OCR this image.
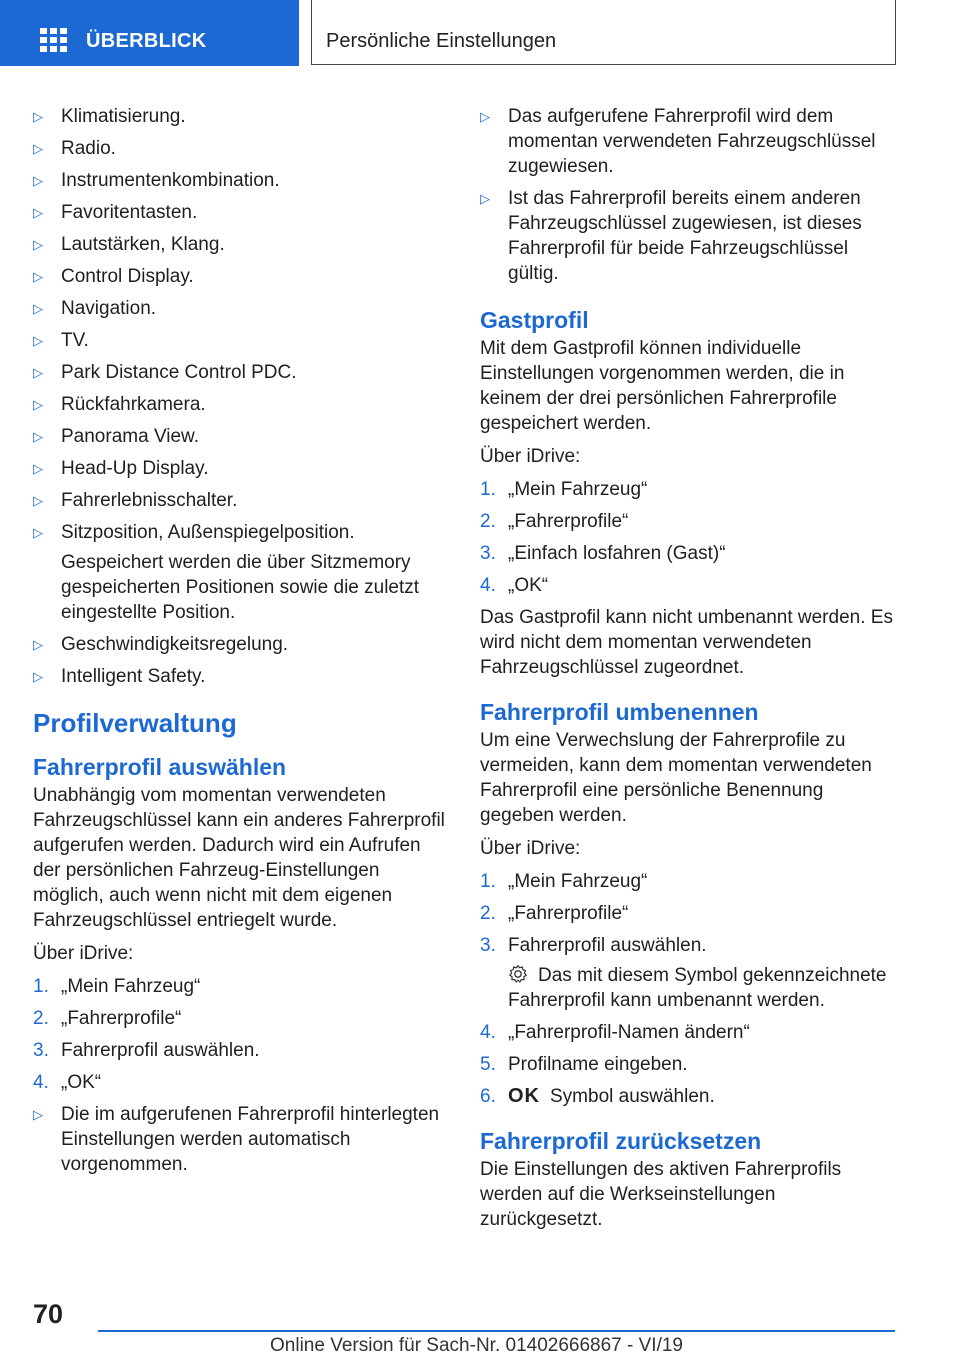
ÜBERBLICK	Persönliche Einstellungen
▷ Klimatisierung.
▷ Radio.
▷ Instrumentenkombination.
▷ Favoritentasten.
▷ Lautstärken, Klang.
▷ Control Display.
▷ Navigation.
▷ TV.
▷ Park Distance Control PDC.
▷ Rückfahrkamera.
▷ Panorama View.
▷ Head-Up Display.
▷ Fahrerlebnisschalter.
▷ Sitzposition, Außenspiegelposition.
Gespeichert werden die über Sitzmemory gespeicherten Positionen sowie die zuletzt eingestellte Position.
▷ Geschwindigkeitsregelung.
▷ Intelligent Safety.
Profilverwaltung
Fahrerprofil auswählen
Unabhängig vom momentan verwendeten Fahrzeugschlüssel kann ein anderes Fahrerprofil aufgerufen werden. Dadurch wird ein Aufrufen der persönlichen Fahrzeug-Einstellungen möglich, auch wenn nicht mit dem eigenen Fahrzeugschlüssel entriegelt wurde.
Über iDrive:
1. „Mein Fahrzeug“
2. „Fahrerprofile“
3. Fahrerprofil auswählen.
4. „OK“
▷ Die im aufgerufenen Fahrerprofil hinterlegten Einstellungen werden automatisch vorgenommen.
▷ Das aufgerufene Fahrerprofil wird dem momentan verwendeten Fahrzeugschlüssel zugewiesen.
▷ Ist das Fahrerprofil bereits einem anderen Fahrzeugschlüssel zugewiesen, ist dieses Fahrerprofil für beide Fahrzeugschlüssel gültig.
Gastprofil
Mit dem Gastprofil können individuelle Einstellungen vorgenommen werden, die in keinem der drei persönlichen Fahrerprofile gespeichert werden.
Über iDrive:
1. „Mein Fahrzeug“
2. „Fahrerprofile“
3. „Einfach losfahren (Gast)“
4. „OK“
Das Gastprofil kann nicht umbenannt werden. Es wird nicht dem momentan verwendeten Fahrzeugschlüssel zugeordnet.
Fahrerprofil umbenennen
Um eine Verwechslung der Fahrerprofile zu vermeiden, kann dem momentan verwendeten Fahrerprofil eine persönliche Benennung gegeben werden.
Über iDrive:
1. „Mein Fahrzeug“
2. „Fahrerprofile“
3. Fahrerprofil auswählen.
Das mit diesem Symbol gekennzeichnete Fahrerprofil kann umbenannt werden.
4. „Fahrerprofil-Namen ändern“
5. Profilname eingeben.
6. OK Symbol auswählen.
Fahrerprofil zurücksetzen
Die Einstellungen des aktiven Fahrerprofils werden auf die Werkseinstellungen zurückgesetzt.
70
Online Version für Sach-Nr. 01402666867 - VI/19
